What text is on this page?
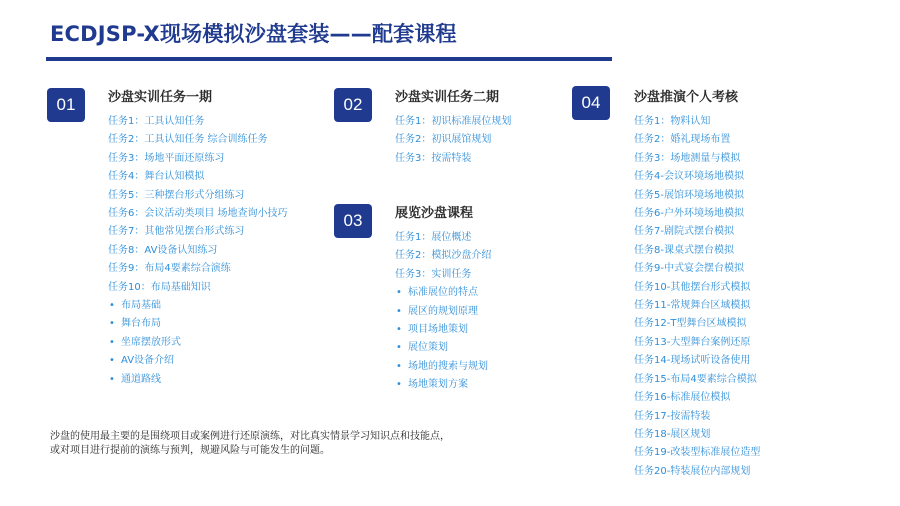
ECDJSP-X现场模拟沙盘套装——配套课程
01	沙盘实训任务一期
任务1：工具认知任务
任务2：工具认知任务 综合训练任务
任务3：场地平面还原练习
任务4：舞台认知模拟
任务5：三种摆台形式分组练习
任务6：会议活动类项目 场地查询小技巧
任务7：其他常见摆台形式练习
任务8：AV设备认知练习
任务9：布局4要素综合演练
任务10：布局基础知识
• 布局基础
• 舞台布局
• 坐席摆放形式
• AV设备介绍
• 通道路线
02	沙盘实训任务二期
任务1：初识标准展位规划
任务2：初识展馆规划
任务3：按需特装
03	展览沙盘课程
任务1：展位概述
任务2：模拟沙盘介绍
任务3：实训任务
• 标准展位的特点
• 展区的规划原理
• 项目场地策划
• 展位策划
• 场地的搜索与规划
• 场地策划方案
04	沙盘推演个人考核
任务1：物料认知
任务2：婚礼现场布置
任务3：场地测量与模拟
任务4-会议环境场地模拟
任务5-展馆环境场地模拟
任务6-户外环境场地模拟
任务7-剧院式摆台模拟
任务8-课桌式摆台模拟
任务9-中式宴会摆台模拟
任务10-其他摆台形式模拟
任务11-常规舞台区域模拟
任务12-T型舞台区域模拟
任务13-大型舞台案例还原
任务14-现场试听设备使用
任务15-布局4要素综合模拟
任务16-标准展位模拟
任务17-按需特装
任务18-展区规划
任务19-改装型标准展位造型
任务20-特装展位内部规划
沙盘的使用最主要的是围绕项目或案例进行还原演练，对比真实情景学习知识点和技能点，
或对项目进行提前的演练与预判，规避风险与可能发生的问题。
